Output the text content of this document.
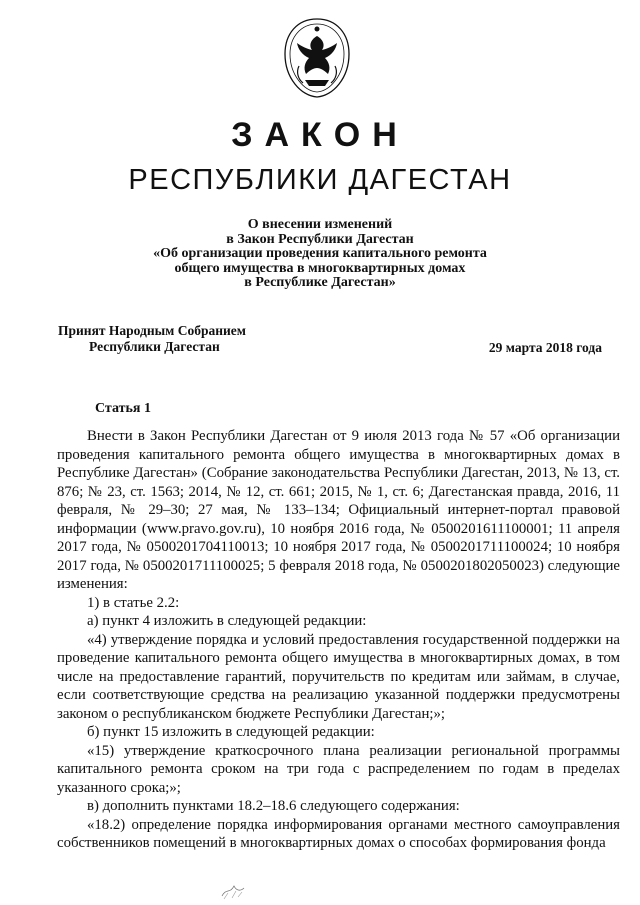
ЗАКОН
РЕСПУБЛИКИ ДАГЕСТАН
О внесении изменений
в Закон Республики Дагестан
«Об организации проведения капитального ремонта
общего имущества в многоквартирных домах
в Республике Дагестан»
Принят Народным Собранием
Республики Дагестан	29 марта 2018 года
Статья 1

Внести в Закон Республики Дагестан от 9 июля 2013 года № 57 «Об организации проведения капитального ремонта общего имущества в многоквартирных домах в Республике Дагестан» (Собрание законодательства Республики Дагестан, 2013, № 13, ст. 876; № 23, ст. 1563; 2014, № 12, ст. 661; 2015, № 1, ст. 6; Дагестанская правда, 2016, 11 февраля, № 29–30; 27 мая, № 133–134; Официальный интернет-портал правовой информации (www.pravo.gov.ru), 10 ноября 2016 года, № 0500201611100001; 11 апреля 2017 года, № 0500201704110013; 10 ноября 2017 года, № 0500201711100024; 10 ноября 2017 года, № 0500201711100025; 5 февраля 2018 года, № 0500201802050023) следующие изменения:

1) в статье 2.2:

а) пункт 4 изложить в следующей редакции:

«4) утверждение порядка и условий предоставления государственной поддержки на проведение капитального ремонта общего имущества в многоквартирных домах, в том числе на предоставление гарантий, поручительств по кредитам или займам, в случае, если соответствующие средства на реализацию указанной поддержки предусмотрены законом о республиканском бюджете Республики Дагестан;»;

б) пункт 15 изложить в следующей редакции:

«15) утверждение краткосрочного плана реализации региональной программы капитального ремонта сроком на три года с распределением по годам в пределах указанного срока;»;

в) дополнить пунктами 18.2–18.6 следующего содержания:

«18.2) определение порядка информирования органами местного самоуправления собственников помещений в многоквартирных домах о способах формирования фонда
